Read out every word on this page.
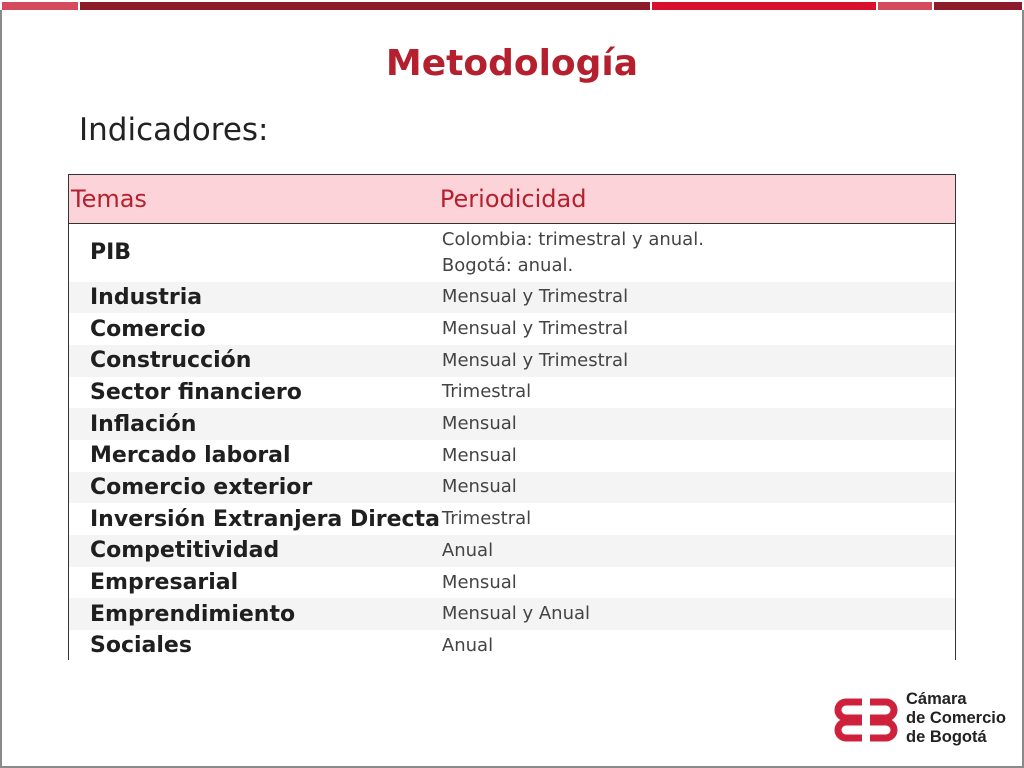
Metodología
Indicadores:
Temas	Periodicidad
PIB	Colombia: trimestral y anual.
Bogotá: anual.

Industria	Mensual y Trimestral

Comercio	Mensual y Trimestral

Construcción	Mensual y Trimestral

Sector financiero	Trimestral

Inflación	Mensual

Mercado laboral	Mensual

Comercio exterior	Mensual

Inversión Extranjera Directa	Trimestral

Competitividad	Anual

Empresarial	Mensual

Emprendimiento	Mensual y Anual

Sociales	Anual
Cámara
de Comercio
de Bogotá
